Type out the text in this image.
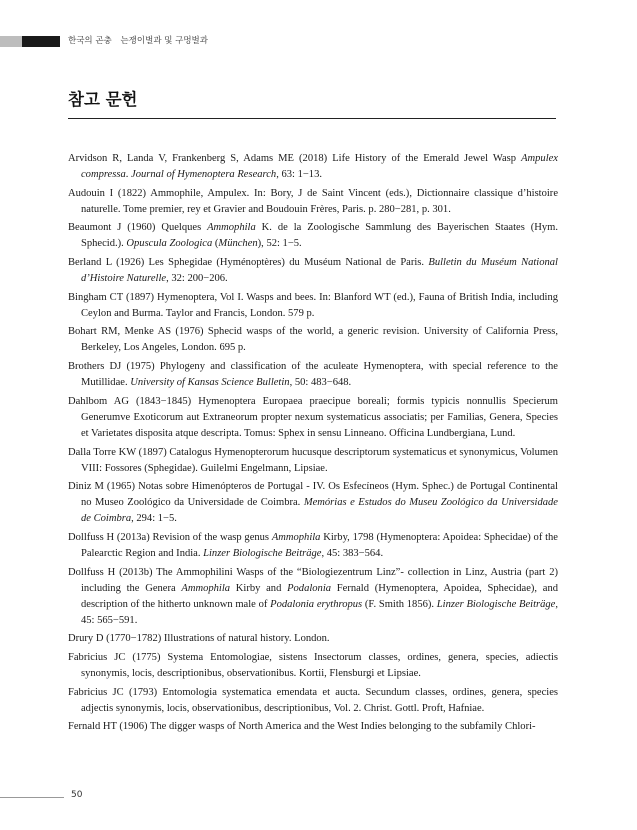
한국의 곤충 는쟁이벌과 및 구멍벌과
참고 문헌
Arvidson R, Landa V, Frankenberg S, Adams ME (2018) Life History of the Emerald Jewel Wasp Ampulex compressa. Journal of Hymenoptera Research, 63: 1−13.
Audouin I (1822) Ammophile, Ampulex. In: Bory, J de Saint Vincent (eds.), Dictionnaire classique d’histoire naturelle. Tome premier, rey et Gravier and Boudouin Frères, Paris. p. 280−281, p. 301.
Beaumont J (1960) Quelques Ammophila K. de la Zoologische Sammlung des Bayerischen Staates (Hym. Sphecid.). Opuscula Zoologica (München), 52: 1−5.
Berland L (1926) Les Sphegidae (Hyménoptères) du Muséum National de Paris. Bulletin du Muséum National d’Histoire Naturelle, 32: 200−206.
Bingham CT (1897) Hymenoptera, Vol I. Wasps and bees. In: Blanford WT (ed.), Fauna of British India, including Ceylon and Burma. Taylor and Francis, London. 579 p.
Bohart RM, Menke AS (1976) Sphecid wasps of the world, a generic revision. University of California Press, Berkeley, Los Angeles, London. 695 p.
Brothers DJ (1975) Phylogeny and classification of the aculeate Hymenoptera, with special reference to the Mutillidae. University of Kansas Science Bulletin, 50: 483−648.
Dahlbom AG (1843−1845) Hymenoptera Europaea praecipue boreali; formis typicis nonnullis Specierum Generumve Exoticorum aut Extraneorum propter nexum systematicus associatis; per Familias, Genera, Species et Varietates disposita atque descripta. Tomus: Sphex in sensu Linneano. Officina Lundbergiana, Lund.
Dalla Torre KW (1897) Catalogus Hymenopterorum hucusque descriptorum systematicus et synonymicus, Volumen VIII: Fossores (Sphegidae). Guilelmi Engelmann, Lipsiae.
Diniz M (1965) Notas sobre Himenópteros de Portugal - IV. Os Esfecíneos (Hym. Sphec.) de Portugal Continental no Museo Zoológico da Universidade de Coimbra. Memórias e Estudos do Museu Zoológico da Universidade de Coimbra, 294: 1−5.
Dollfuss H (2013a) Revision of the wasp genus Ammophila Kirby, 1798 (Hymenoptera: Apoidea: Sphecidae) of the Palearctic Region and India. Linzer Biologische Beiträge, 45: 383−564.
Dollfuss H (2013b) The Ammophilini Wasps of the “Biologiezentrum Linz”- collection in Linz, Austria (part 2) including the Genera Ammophila Kirby and Podalonia Fernald (Hymenoptera, Apoidea, Sphecidae), and description of the hitherto unknown male of Podalonia erythropus (F. Smith 1856). Linzer Biologische Beiträge, 45: 565−591.
Drury D (1770−1782) Illustrations of natural history. London.
Fabricius JC (1775) Systema Entomologiae, sistens Insectorum classes, ordines, genera, species, adiectis synonymis, locis, descriptionibus, observationibus. Kortii, Flensburgi et Lipsiae.
Fabricius JC (1793) Entomologia systematica emendata et aucta. Secundum classes, ordines, genera, species adjectis synonymis, locis, observationibus, descriptionibus, Vol. 2. Christ. Gottl. Proft, Hafniae.
Fernald HT (1906) The digger wasps of North America and the West Indies belonging to the subfamily Chlori-
50
